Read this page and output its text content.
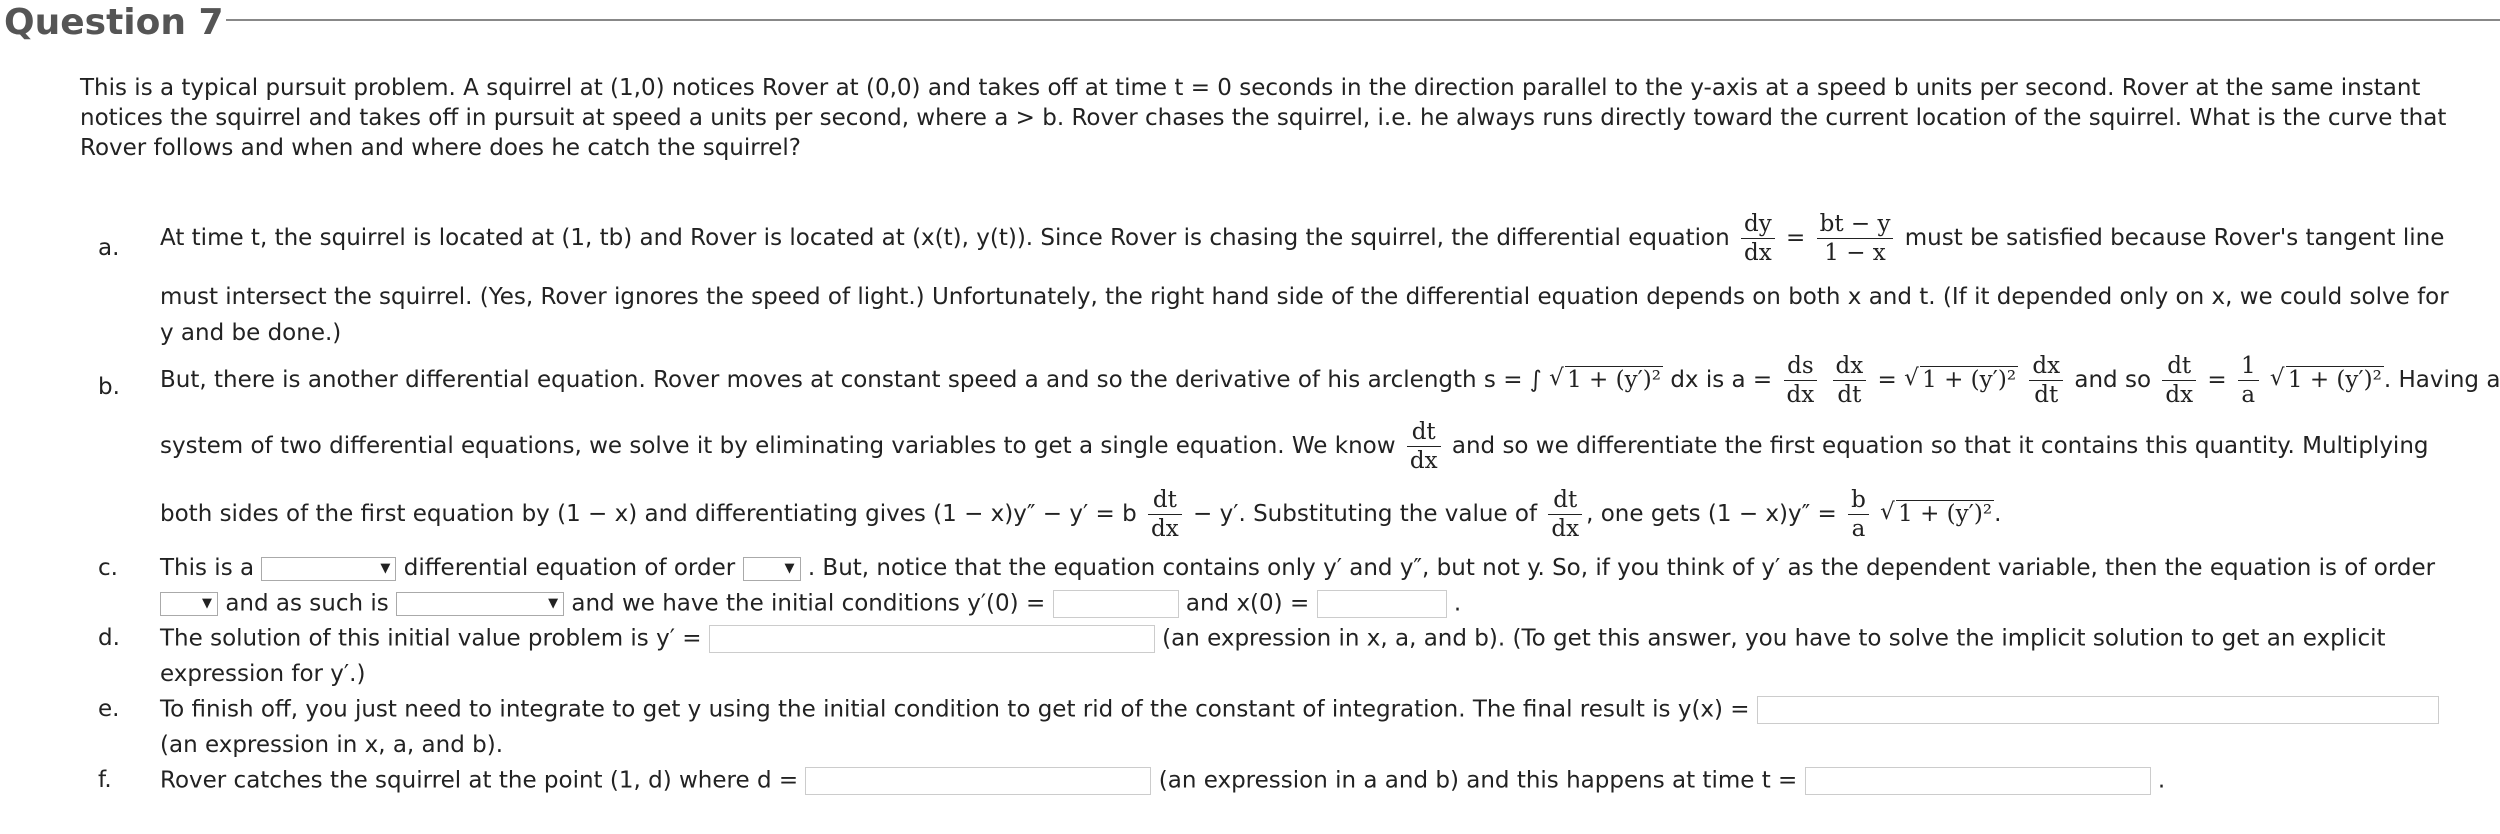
Question 7
This is a typical pursuit problem. A squirrel at (1,0) notices Rover at (0,0) and takes off at time t = 0 seconds in the direction parallel to the y-axis at a speed b units per second. Rover at the same instant notices the squirrel and takes off in pursuit at speed a units per second, where a > b. Rover chases the squirrel, i.e. he always runs directly toward the current location of the squirrel. What is the curve that Rover follows and when and where does he catch the squirrel?
a. At time t, the squirrel is located at (1, tb) and Rover is located at (x(t), y(t)). Since Rover is chasing the squirrel, the differential equation $\frac{dy}{dx} = \frac{bt - y}{1 - x}$ must be satisfied because Rover's tangent line
must intersect the squirrel. (Yes, Rover ignores the speed of light.) Unfortunately, the right hand side of the differential equation depends on both x and t. (If it depended only on x, we could solve for
y and be done.)
b. But, there is another differential equation. Rover moves at constant speed a and so the derivative of his arclength s = ∫ √ 1 + (y′)² dx is $a = \frac{ds}{dx}$
$\frac{dx}{dt}$ = √ $1 + (y')^2 \frac{dx}{dt}$ and so $\frac{dt}{dx} = \frac{1}{a}$ √ 1 + (y′)². Having a
system of two differential equations, we solve it by eliminating variables to get a single equation. We know $\frac{dt}{dx}$ and so we differentiate the first equation so that it contains this quantity. Multiplying
both sides of the first equation by (1 − x) and differentiating gives (1 − x)y″ − y′ = b $\frac{dt}{dx} - y'$. Substituting the value of $\frac{dt}{dx}$ , one gets $(1 - x)y'' = \frac{b}{a}$ √ 1 + (y′)².
c. This is a	▼ differential equation of order	▼ . But, notice that the equation contains only y′ and y″, but not y. So, if you think of y′ as the dependent variable, then the equation is of order
▼ and as such is	▼ and we have the initial conditions y′(0) =	and x(0) =	.
d. The solution of this initial value problem is y′ =	(an expression in x, a, and b). (To get this answer, you have to solve the implicit solution to get an explicit
expression for y′.)
e. To finish off, you just need to integrate to get y using the initial condition to get rid of the constant of integration. The final result is y(x) =
(an expression in x, a, and b).
f. Rover catches the squirrel at the point (1, d) where d =	(an expression in a and b) and this happens at time t =	.
